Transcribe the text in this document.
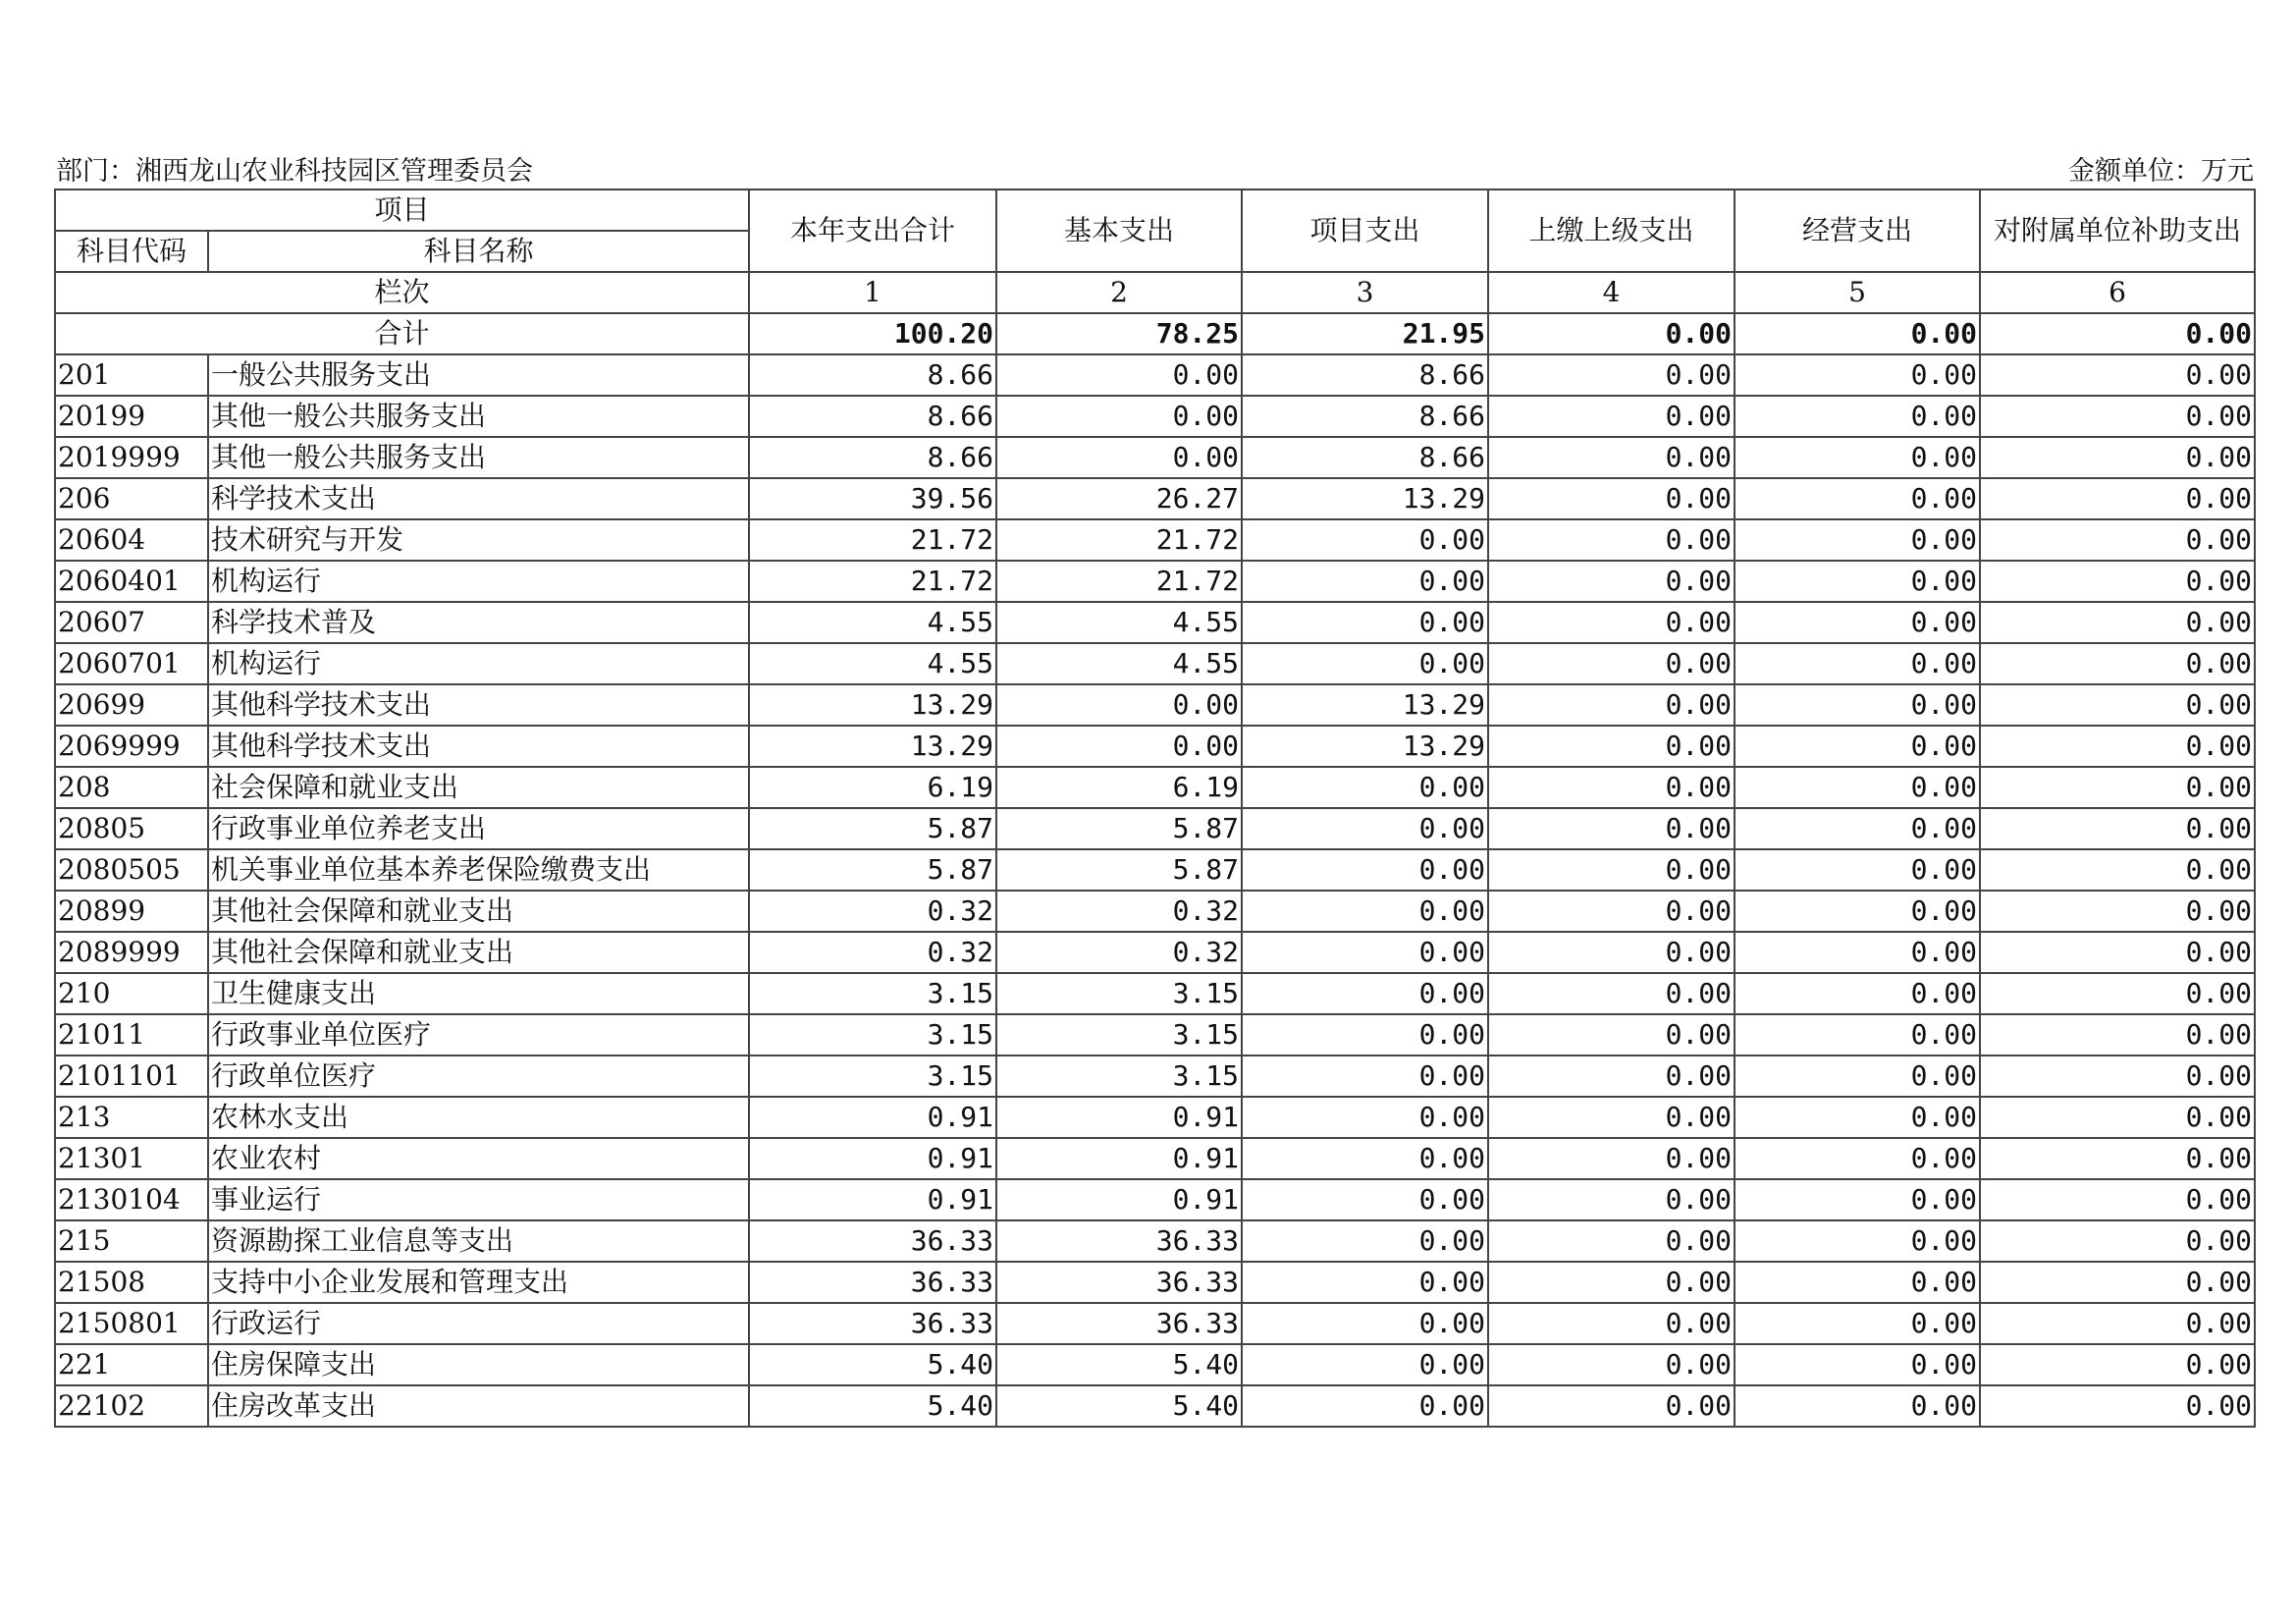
部门：湘西龙山农业科技园区管理委员会	金额单位：万元
项目		本年支出合计	基本支出	项目支出	上缴上级支出	经营支出	对附属单位补助支出
科目代码	科目名称						
栏次		1	2	3	4	5	6
合计		100.20	78.25	21.95	0.00	0.00	0.00
201	一般公共服务支出	8.66	0.00	8.66	0.00	0.00	0.00
20199	其他一般公共服务支出	8.66	0.00	8.66	0.00	0.00	0.00
2019999	其他一般公共服务支出	8.66	0.00	8.66	0.00	0.00	0.00
206	科学技术支出	39.56	26.27	13.29	0.00	0.00	0.00
20604	技术研究与开发	21.72	21.72	0.00	0.00	0.00	0.00
2060401	机构运行	21.72	21.72	0.00	0.00	0.00	0.00
20607	科学技术普及	4.55	4.55	0.00	0.00	0.00	0.00
2060701	机构运行	4.55	4.55	0.00	0.00	0.00	0.00
20699	其他科学技术支出	13.29	0.00	13.29	0.00	0.00	0.00
2069999	其他科学技术支出	13.29	0.00	13.29	0.00	0.00	0.00
208	社会保障和就业支出	6.19	6.19	0.00	0.00	0.00	0.00
20805	行政事业单位养老支出	5.87	5.87	0.00	0.00	0.00	0.00
2080505	机关事业单位基本养老保险缴费支出	5.87	5.87	0.00	0.00	0.00	0.00
20899	其他社会保障和就业支出	0.32	0.32	0.00	0.00	0.00	0.00
2089999	其他社会保障和就业支出	0.32	0.32	0.00	0.00	0.00	0.00
210	卫生健康支出	3.15	3.15	0.00	0.00	0.00	0.00
21011	行政事业单位医疗	3.15	3.15	0.00	0.00	0.00	0.00
2101101	行政单位医疗	3.15	3.15	0.00	0.00	0.00	0.00
213	农林水支出	0.91	0.91	0.00	0.00	0.00	0.00
21301	农业农村	0.91	0.91	0.00	0.00	0.00	0.00
2130104	事业运行	0.91	0.91	0.00	0.00	0.00	0.00
215	资源勘探工业信息等支出	36.33	36.33	0.00	0.00	0.00	0.00
21508	支持中小企业发展和管理支出	36.33	36.33	0.00	0.00	0.00	0.00
2150801	行政运行	36.33	36.33	0.00	0.00	0.00	0.00
221	住房保障支出	5.40	5.40	0.00	0.00	0.00	0.00
22102	住房改革支出	5.40	5.40	0.00	0.00	0.00	0.00
